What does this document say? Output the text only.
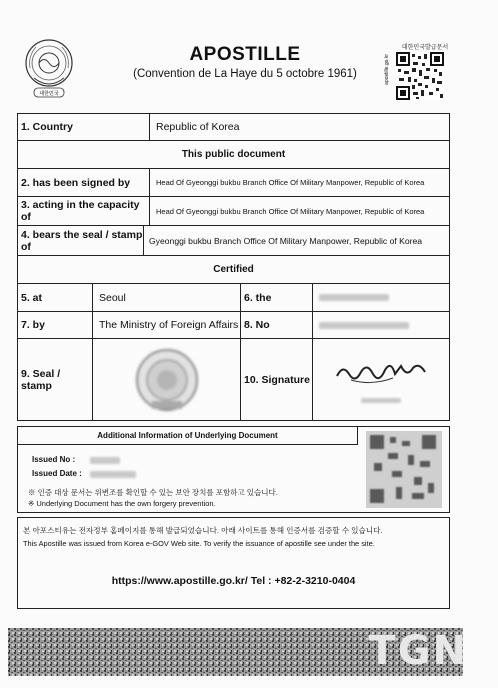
대한민국
APOSTILLE
(Convention de La Haye du 5 octobre 1961)
대한민국발급문서
apostille.go.kr
1. Country	Republic of Korea
This public document
2. has been signed by	Head Of Gyeonggi bukbu Branch Office Of Military Manpower, Republic of Korea
3. acting in the capacity of	Head Of Gyeonggi bukbu Branch Office Of Military Manpower, Republic of Korea
4. bears the seal / stamp of	Gyeonggi bukbu Branch Office Of Military Manpower, Republic of Korea
Certified
5. at	Seoul	6. the
7. by	The Ministry of Foreign Affairs 8. No
9. Seal / stamp	10. Signature
Additional Information of Underlying Document
Issued No :
Issued Date :
※ 인증 대상 문서는 위변조를 확인할 수 있는 보안 장치를 포함하고 있습니다.
※ Underlying Document has the own forgery prevention.
본 아포스티유는 전자정부 홈페이지를 통해 발급되었습니다. 아래 사이트를 통해 인증서를 검증할 수 있습니다.
This Apostille was issued from Korea e-GOV Web site. To verify the issuance of apostille see under the site.
https://www.apostille.go.kr/ Tel : +82-2-3210-0404
TGN
